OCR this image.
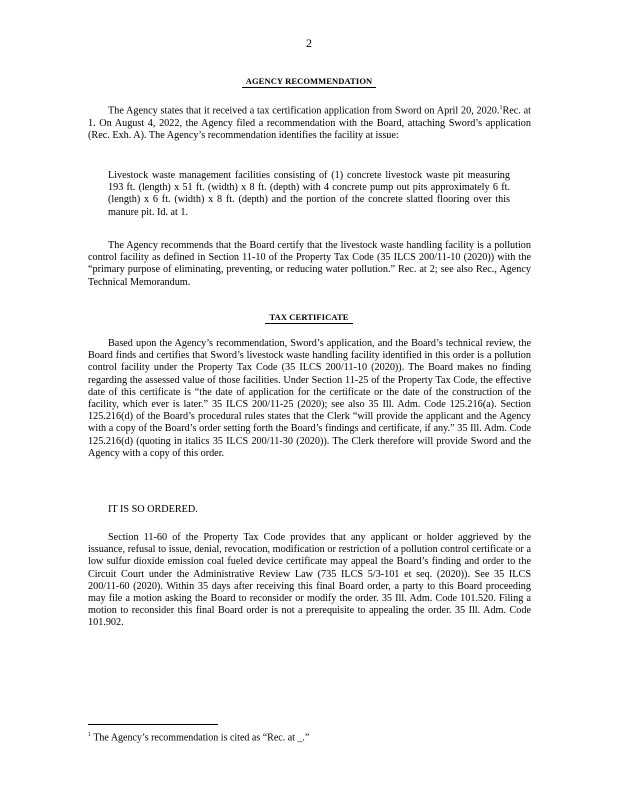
2
AGENCY RECOMMENDATION
The Agency states that it received a tax certification application from Sword on April 20, 2020.$^1$Rec. at 1. On August 4, 2022, the Agency filed a recommendation with the Board, attaching Sword’s application (Rec. Exh. A). The Agency’s recommendation identifies the facility at issue:
Livestock waste management facilities consisting of (1) concrete livestock waste pit measuring 193 ft. (length) x 51 ft. (width) x 8 ft. (depth) with 4 concrete pump out pits approximately 6 ft. (length) x 6 ft. (width) x 8 ft. (depth) and the portion of the concrete slatted flooring over this manure pit. Id. at 1.
The Agency recommends that the Board certify that the livestock waste handling facility is a pollution control facility as defined in Section 11-10 of the Property Tax Code (35 ILCS 200/11-10 (2020)) with the “primary purpose of eliminating, preventing, or reducing water pollution.” Rec. at 2; see also Rec., Agency Technical Memorandum.
TAX CERTIFICATE
Based upon the Agency’s recommendation, Sword’s application, and the Board’s technical review, the Board finds and certifies that Sword’s livestock waste handling facility identified in this order is a pollution control facility under the Property Tax Code (35 ILCS 200/11-10 (2020)). The Board makes no finding regarding the assessed value of those facilities. Under Section 11-25 of the Property Tax Code, the effective date of this certificate is “the date of application for the certificate or the date of the construction of the facility, which ever is later.” 35 ILCS 200/11-25 (2020); see also 35 Ill. Adm. Code 125.216(a). Section 125.216(d) of the Board’s procedural rules states that the Clerk “will provide the applicant and the Agency with a copy of the Board’s order setting forth the Board’s findings and certificate, if any.” 35 Ill. Adm. Code 125.216(d) (quoting in italics 35 ILCS 200/11-30 (2020)). The Clerk therefore will provide Sword and the Agency with a copy of this order.
IT IS SO ORDERED.
Section 11-60 of the Property Tax Code provides that any applicant or holder aggrieved by the issuance, refusal to issue, denial, revocation, modification or restriction of a pollution control certificate or a low sulfur dioxide emission coal fueled device certificate may appeal the Board’s finding and order to the Circuit Court under the Administrative Review Law (735 ILCS 5/3-101 et seq. (2020)). See 35 ILCS 200/11-60 (2020). Within 35 days after receiving this final Board order, a party to this Board proceeding may file a motion asking the Board to reconsider or modify the order. 35 Ill. Adm. Code 101.520. Filing a motion to reconsider this final Board order is not a prerequisite to appealing the order. 35 Ill. Adm. Code 101.902.
$^1$ The Agency’s recommendation is cited as “Rec. at _.”
